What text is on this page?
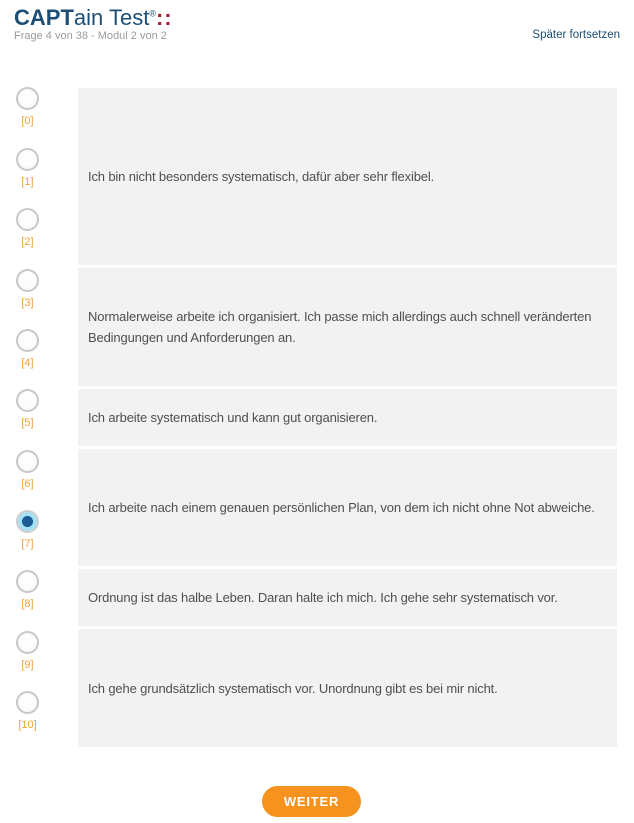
CAPTain Test®::
Frage 4 von 38 - Modul 2 von 2	Später fortsetzen
[0]
[1]
[2]
[3]
[4]
[5]
[6]
[7]
[8]
[9]
[10]
Ich bin nicht besonders systematisch, dafür aber sehr flexibel.
Normalerweise arbeite ich organisiert. Ich passe mich allerdings auch schnell veränderten Bedingungen und Anforderungen an.
Ich arbeite systematisch und kann gut organisieren.
Ich arbeite nach einem genauen persönlichen Plan, von dem ich nicht ohne Not abweiche.
Ordnung ist das halbe Leben. Daran halte ich mich. Ich gehe sehr systematisch vor.
Ich gehe grundsätzlich systematisch vor. Unordnung gibt es bei mir nicht.
WEITER
